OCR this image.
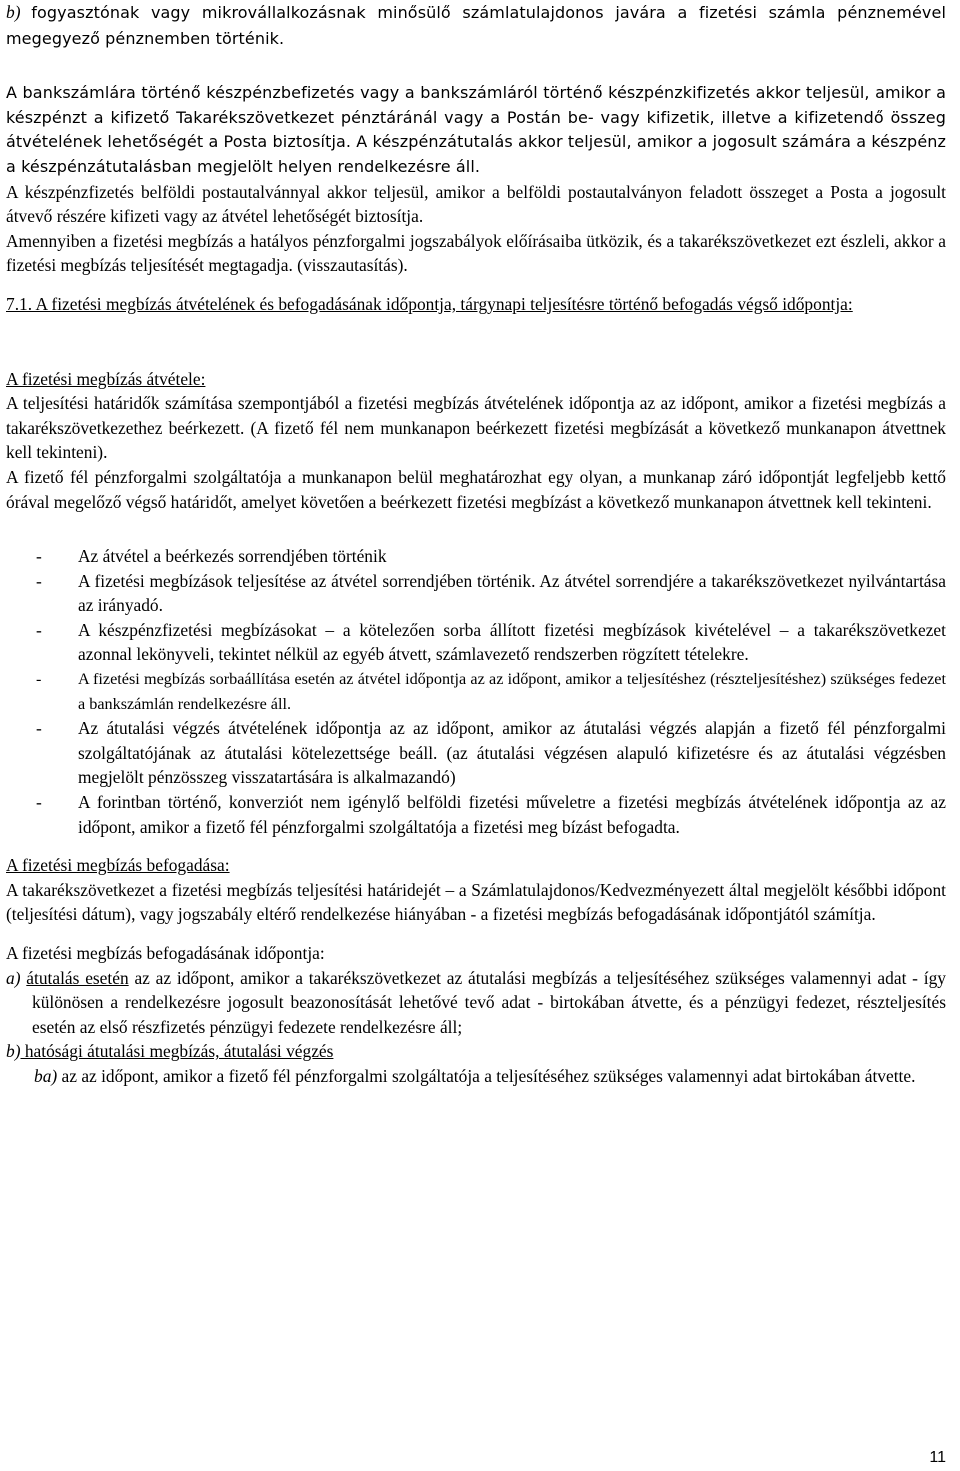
b) fogyasztónak vagy mikrovállalkozásnak minősülő számlatulajdonos javára a fizetési számla pénznemével megegyező pénznemben történik.

A bankszámlára történő készpénzbefizetés vagy a bankszámláról történő készpénzkifizetés akkor teljesül, amikor a készpénzt a kifizető Takarékszövetkezet pénztáránál vagy a Postán be- vagy kifizetik, illetve a kifizetendő összeg átvételének lehetőségét a Posta biztosítja. A készpénzátutalás akkor teljesül, amikor a jogosult számára a készpénz a készpénzátutalásban megjelölt helyen rendelkezésre áll.

A készpénzfizetés belföldi postautalvánnyal akkor teljesül, amikor a belföldi postautalványon feladott összeget a Posta a jogosult átvevő részére kifizeti vagy az átvétel lehetőségét biztosítja.

Amennyiben a fizetési megbízás a hatályos pénzforgalmi jogszabályok előírásaiba ütközik, és a takarékszövetkezet ezt észleli, akkor a fizetési megbízás teljesítését megtagadja. (visszautasítás).

7.1. A fizetési megbízás átvételének és befogadásának időpontja, tárgynapi teljesítésre történő befogadás végső időpontja:

A fizetési megbízás átvétele:

A teljesítési határidők számítása szempontjából a fizetési megbízás átvételének időpontja az az időpont, amikor a fizetési megbízás a takarékszövetkezethez beérkezett. (A fizető fél nem munkanapon beérkezett fizetési megbízását a következő munkanapon átvettnek kell tekinteni).

A fizető fél pénzforgalmi szolgáltatója a munkanapon belül meghatározhat egy olyan, a munkanap záró időpontját legfeljebb kettő órával megelőző végső határidőt, amelyet követően a beérkezett fizetési megbízást a következő munkanapon átvettnek kell tekinteni.

- Az átvétel a beérkezés sorrendjében történik
- A fizetési megbízások teljesítése az átvétel sorrendjében történik. Az átvétel sorrendjére a takarékszövetkezet nyilvántartása az irányadó.
- A készpénzfizetési megbízásokat – a kötelezően sorba állított fizetési megbízások kivételével – a takarékszövetkezet azonnal lekönyveli, tekintet nélkül az egyéb átvett, számlavezető rendszerben rögzített tételekre.
- A fizetési megbízás sorbaállítása esetén az átvétel időpontja az az időpont, amikor a teljesítéshez (részteljesítéshez) szükséges fedezet a bankszámlán rendelkezésre áll.
- Az átutalási végzés átvételének időpontja az az időpont, amikor az átutalási végzés alapján a fizető fél pénzforgalmi szolgáltatójának az átutalási kötelezettsége beáll. (az átutalási végzésen alapuló kifizetésre és az átutalási végzésben megjelölt pénzösszeg visszatartására is alkalmazandó)
- A forintban történő, konverziót nem igénylő belföldi fizetési műveletre a fizetési megbízás átvételének időpontja az az időpont, amikor a fizető fél pénzforgalmi szolgáltatója a fizetési meg bízást befogadta.

A fizetési megbízás befogadása:

A takarékszövetkezet a fizetési megbízás teljesítési határidejét – a Számlatulajdonos/Kedvezményezett által megjelölt későbbi időpont (teljesítési dátum), vagy jogszabály eltérő rendelkezése hiányában - a fizetési megbízás befogadásának időpontjától számítja.

A fizetési megbízás befogadásának időpontja:

a) átutalás esetén az az időpont, amikor a takarékszövetkezet az átutalási megbízás a teljesítéséhez szükséges valamennyi adat - így különösen a rendelkezésre jogosult beazonosítását lehetővé tevő adat - birtokában átvette, és a pénzügyi fedezet, részteljesítés esetén az első részfizetés pénzügyi fedezete rendelkezésre áll;

b) hatósági átutalási megbízás, átutalási végzés

ba) az az időpont, amikor a fizető fél pénzforgalmi szolgáltatója a teljesítéséhez szükséges valamennyi adat birtokában átvette.

11
